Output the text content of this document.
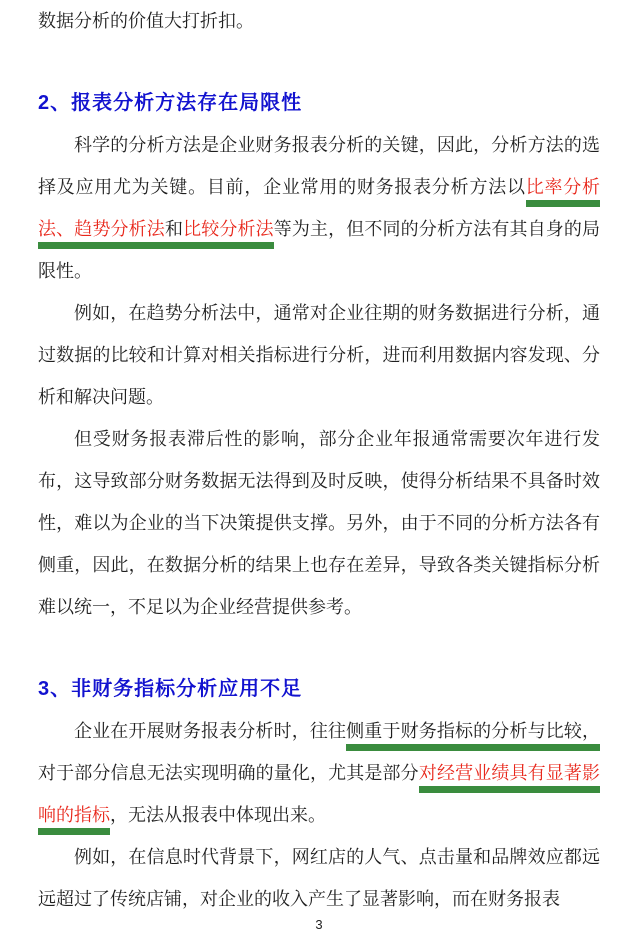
数据分析的价值大打折扣。

2、报表分析方法存在局限性

科学的分析方法是企业财务报表分析的关键，因此，分析方法的选择及应用尤为关键。目前，企业常用的财务报表分析方法以比率分析法、趋势分析法和比较分析法等为主，但不同的分析方法有其自身的局限性。

例如，在趋势分析法中，通常对企业往期的财务数据进行分析，通过数据的比较和计算对相关指标进行分析，进而利用数据内容发现、分析和解决问题。

但受财务报表滞后性的影响，部分企业年报通常需要次年进行发布，这导致部分财务数据无法得到及时反映，使得分析结果不具备时效性，难以为企业的当下决策提供支撑。另外，由于不同的分析方法各有侧重，因此，在数据分析的结果上也存在差异，导致各类关键指标分析难以统一，不足以为企业经营提供参考。

3、非财务指标分析应用不足

企业在开展财务报表分析时，往往侧重于财务指标的分析与比较，对于部分信息无法实现明确的量化，尤其是部分对经营业绩具有显著影响的指标，无法从报表中体现出来。

例如，在信息时代背景下，网红店的人气、点击量和品牌效应都远远超过了传统店铺，对企业的收入产生了显著影响，而在财务报表

3
